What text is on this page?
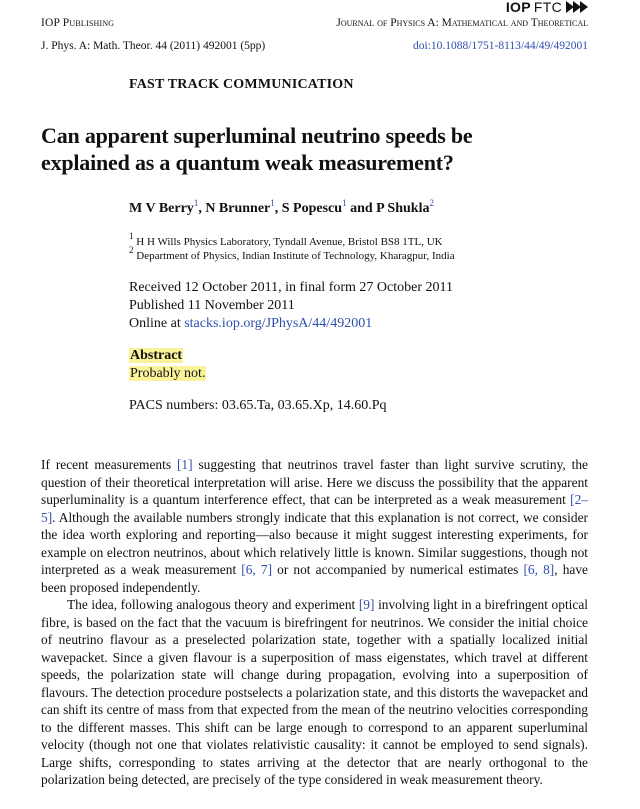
IOP Publishing
IOP FTC
Journal of Physics A: Mathematical and Theoretical
J. Phys. A: Math. Theor. 44 (2011) 492001 (5pp)	doi:10.1088/1751-8113/44/49/492001
FAST TRACK COMMUNICATION
Can apparent superluminal neutrino speeds be
explained as a quantum weak measurement?
M V Berry$^1$, N Brunner$^1$, S Popescu$^1$ and P Shukla$^2$
$^1$ H H Wills Physics Laboratory, Tyndall Avenue, Bristol BS8 1TL, UK
$^2$ Department of Physics, Indian Institute of Technology, Kharagpur, India
Received 12 October 2011, in final form 27 October 2011
Published 11 November 2011
Online at stacks.iop.org/JPhysA/44/492001
Abstract
Probably not.
PACS numbers: 03.65.Ta, 03.65.Xp, 14.60.Pq

If recent measurements [1] suggesting that neutrinos travel faster than light survive scrutiny, the question of their theoretical interpretation will arise. Here we discuss the possibility that the apparent superluminality is a quantum interference effect, that can be interpreted as a weak measurement [2–5]. Although the available numbers strongly indicate that this explanation is not correct, we consider the idea worth exploring and reporting—also because it might suggest interesting experiments, for example on electron neutrinos, about which relatively little is known. Similar suggestions, though not interpreted as a weak measurement [6, 7] or not accompanied by numerical estimates [6, 8], have been proposed independently.

The idea, following analogous theory and experiment [9] involving light in a birefringent optical fibre, is based on the fact that the vacuum is birefringent for neutrinos. We consider the initial choice of neutrino flavour as a preselected polarization state, together with a spatially localized initial wavepacket. Since a given flavour is a superposition of mass eigenstates, which travel at different speeds, the polarization state will change during propagation, evolving into a superposition of flavours. The detection procedure postselects a polarization state, and this distorts the wavepacket and can shift its centre of mass from that expected from the mean of the neutrino velocities corresponding to the different masses. This shift can be large enough to correspond to an apparent superluminal velocity (though not one that violates relativistic causality: it cannot be employed to send signals). Large shifts, corresponding to states arriving at the detector that are nearly orthogonal to the polarization being detected, are precisely of the type considered in weak measurement theory.
